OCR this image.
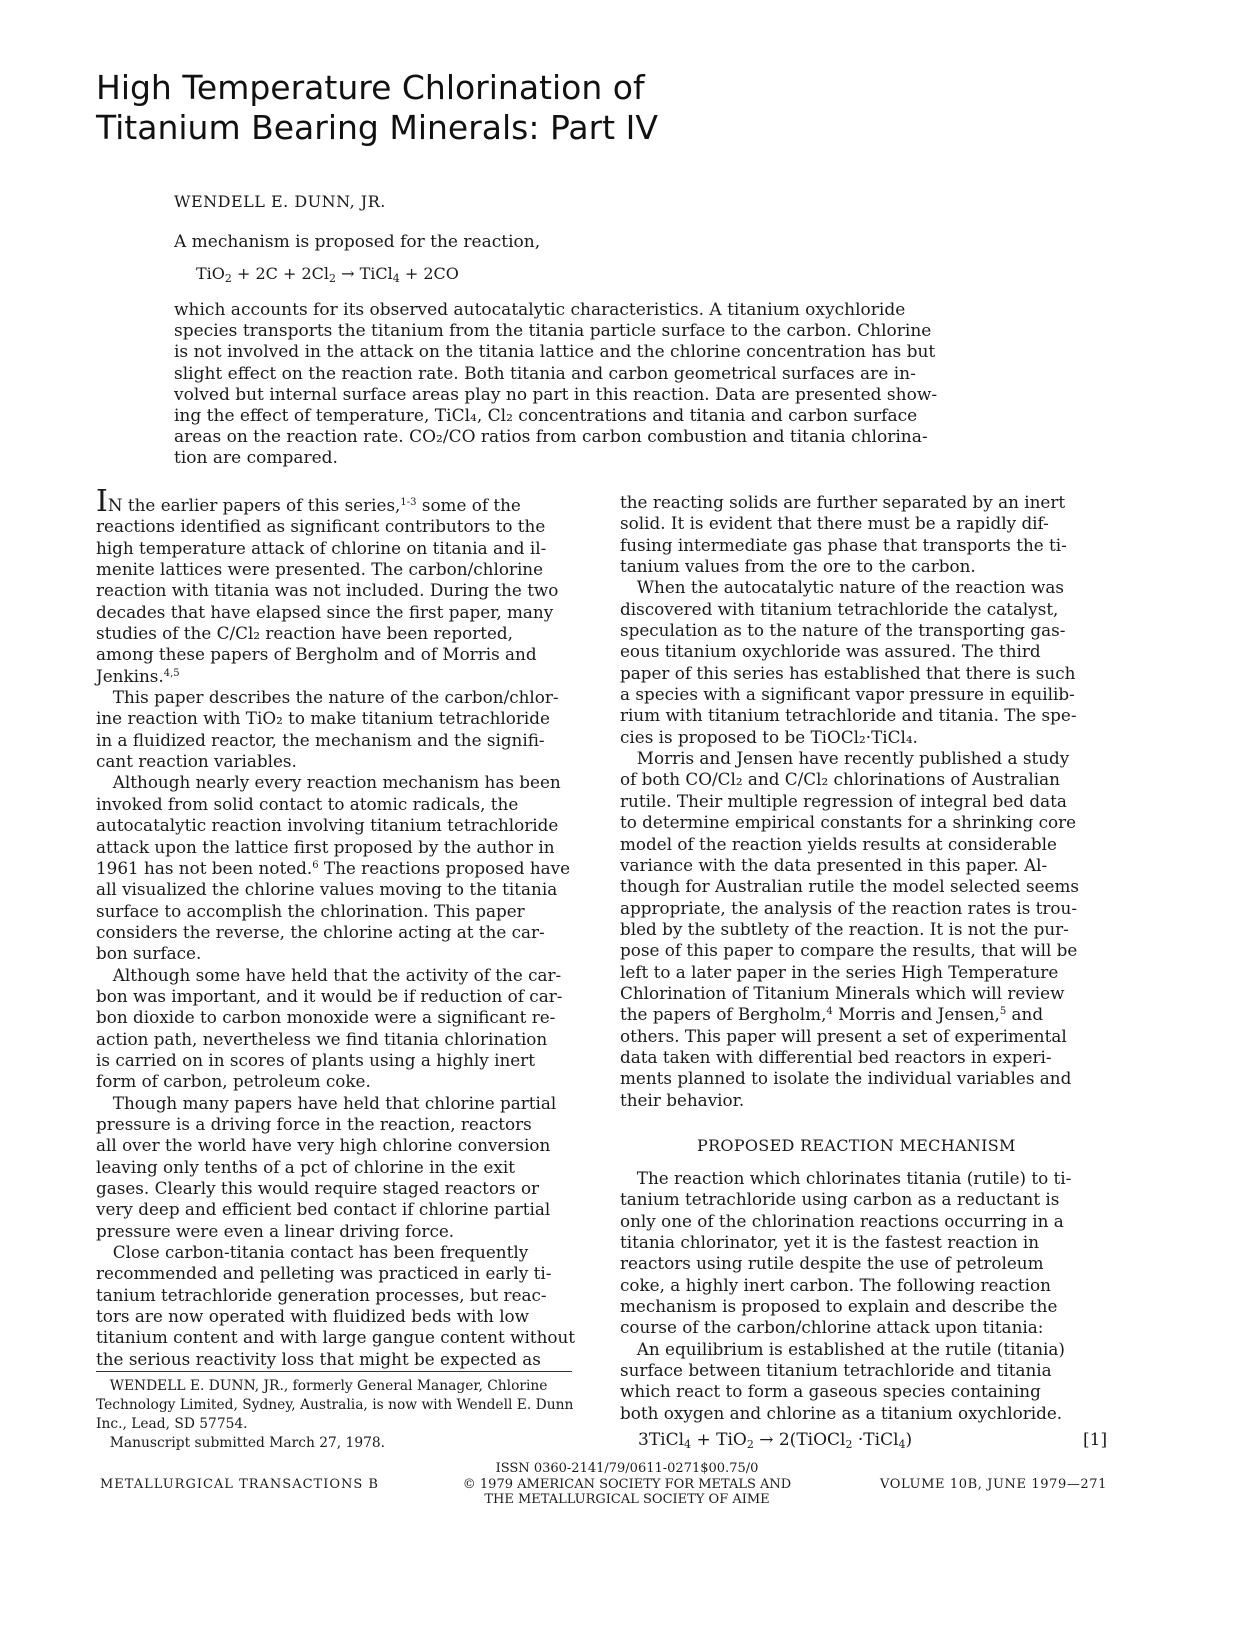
High Temperature Chlorination of
Titanium Bearing Minerals: Part IV
WENDELL E. DUNN, JR.
A mechanism is proposed for the reaction,
$TiO_2 + 2C + 2Cl_2$ → TiCl$_4$ + 2CO
which accounts for its observed autocatalytic characteristics. A titanium oxychloride
species transports the titanium from the titania particle surface to the carbon. Chlorine
is not involved in the attack on the titania lattice and the chlorine concentration has but
slight effect on the reaction rate. Both titania and carbon geometrical surfaces are in-
volved but internal surface areas play no part in this reaction. Data are presented show-
ing the effect of temperature, TiCl₄, Cl₂ concentrations and titania and carbon surface
areas on the reaction rate. CO₂/CO ratios from carbon combustion and titania chlorina-
tion are compared.
IN the earlier papers of this series,$^{1-3}$ some of the
reactions identified as significant contributors to the
high temperature attack of chlorine on titania and il-
menite lattices were presented. The carbon/chlorine
reaction with titania was not included. During the two
decades that have elapsed since the first paper, many
studies of the C/Cl₂ reaction have been reported,
among these papers of Bergholm and of Morris and
Jenkins.$^{4,5}$
 This paper describes the nature of the carbon/chlor-
ine reaction with TiO₂ to make titanium tetrachloride
in a fluidized reactor, the mechanism and the signifi-
cant reaction variables.
 Although nearly every reaction mechanism has been
invoked from solid contact to atomic radicals, the
autocatalytic reaction involving titanium tetrachloride
attack upon the lattice first proposed by the author in
1961 has not been noted.$^6$ The reactions proposed have
all visualized the chlorine values moving to the titania
surface to accomplish the chlorination. This paper
considers the reverse, the chlorine acting at the car-
bon surface.
 Although some have held that the activity of the car-
bon was important, and it would be if reduction of car-
bon dioxide to carbon monoxide were a significant re-
action path, nevertheless we find titania chlorination
is carried on in scores of plants using a highly inert
form of carbon, petroleum coke.
 Though many papers have held that chlorine partial
pressure is a driving force in the reaction, reactors
all over the world have very high chlorine conversion
leaving only tenths of a pct of chlorine in the exit
gases. Clearly this would require staged reactors or
very deep and efficient bed contact if chlorine partial
pressure were even a linear driving force.
 Close carbon-titania contact has been frequently
recommended and pelleting was practiced in early ti-
tanium tetrachloride generation processes, but reac-
tors are now operated with fluidized beds with low
titanium content and with large gangue content without
the serious reactivity loss that might be expected as
the reacting solids are further separated by an inert
solid. It is evident that there must be a rapidly dif-
fusing intermediate gas phase that transports the ti-
tanium values from the ore to the carbon.
 When the autocatalytic nature of the reaction was
discovered with titanium tetrachloride the catalyst,
speculation as to the nature of the transporting gas-
eous titanium oxychloride was assured. The third
paper of this series has established that there is such
a species with a significant vapor pressure in equilib-
rium with titanium tetrachloride and titania. The spe-
cies is proposed to be TiOCl₂·TiCl₄.
 Morris and Jensen have recently published a study
of both CO/Cl₂ and C/Cl₂ chlorinations of Australian
rutile. Their multiple regression of integral bed data
to determine empirical constants for a shrinking core
model of the reaction yields results at considerable
variance with the data presented in this paper. Al-
though for Australian rutile the model selected seems
appropriate, the analysis of the reaction rates is trou-
bled by the subtlety of the reaction. It is not the pur-
pose of this paper to compare the results, that will be
left to a later paper in the series High Temperature
Chlorination of Titanium Minerals which will review
the papers of Bergholm,$^4$ Morris and Jensen,$^5$ and
others. This paper will present a set of experimental
data taken with differential bed reactors in experi-
ments planned to isolate the individual variables and
their behavior.
PROPOSED REACTION MECHANISM
 The reaction which chlorinates titania (rutile) to ti-
tanium tetrachloride using carbon as a reductant is
only one of the chlorination reactions occurring in a
titania chlorinator, yet it is the fastest reaction in
reactors using rutile despite the use of petroleum
coke, a highly inert carbon. The following reaction
mechanism is proposed to explain and describe the
course of the carbon/chlorine attack upon titania:
 An equilibrium is established at the rutile (titania)
surface between titanium tetrachloride and titania
which react to form a gaseous species containing
both oxygen and chlorine as a titanium oxychloride.
3TiCl$_4$ + TiO$_2$ → 2(TiOCl$_2$ ·TiCl$_4$)	[1]
 WENDELL E. DUNN, JR., formerly General Manager, Chlorine
Technology Limited, Sydney, Australia, is now with Wendell E. Dunn
Inc., Lead, SD 57754.
 Manuscript submitted March 27, 1978.
METALLURGICAL TRANSACTIONS B
ISSN 0360-2141/79/0611-0271$00.75/0
© 1979 AMERICAN SOCIETY FOR METALS AND
THE METALLURGICAL SOCIETY OF AIME
VOLUME 10B, JUNE 1979—271
